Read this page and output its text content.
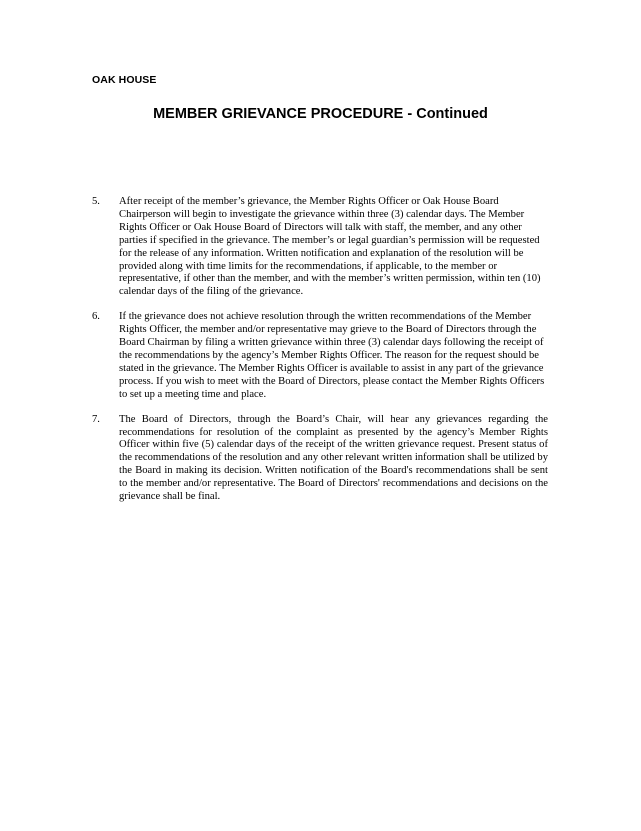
OAK HOUSE
MEMBER GRIEVANCE PROCEDURE - Continued
5.	After receipt of the member’s grievance, the Member Rights Officer or Oak House Board Chairperson will begin to investigate the grievance within three (3) calendar days. The Member Rights Officer or Oak House Board of Directors will talk with staff, the member, and any other parties if specified in the grievance. The member’s or legal guardian’s permission will be requested for the release of any information. Written notification and explanation of the resolution will be provided along with time limits for the recommendations, if applicable, to the member or representative, if other than the member, and with the member’s written permission, within ten (10) calendar days of the filing of the grievance.
6.	If the grievance does not achieve resolution through the written recommendations of the Member Rights Officer, the member and/or representative may grieve to the Board of Directors through the Board Chairman by filing a written grievance within three (3) calendar days following the receipt of the recommendations by the agency’s Member Rights Officer. The reason for the request should be stated in the grievance. The Member Rights Officer is available to assist in any part of the grievance process. If you wish to meet with the Board of Directors, please contact the Member Rights Officers to set up a meeting time and place.
7.	The Board of Directors, through the Board’s Chair, will hear any grievances regarding the recommendations for resolution of the complaint as presented by the agency’s Member Rights Officer within five (5) calendar days of the receipt of the written grievance request. Present status of the recommendations of the resolution and any other relevant written information shall be utilized by the Board in making its decision. Written notification of the Board's recommendations shall be sent to the member and/or representative. The Board of Directors' recommendations and decisions on the grievance shall be final.
